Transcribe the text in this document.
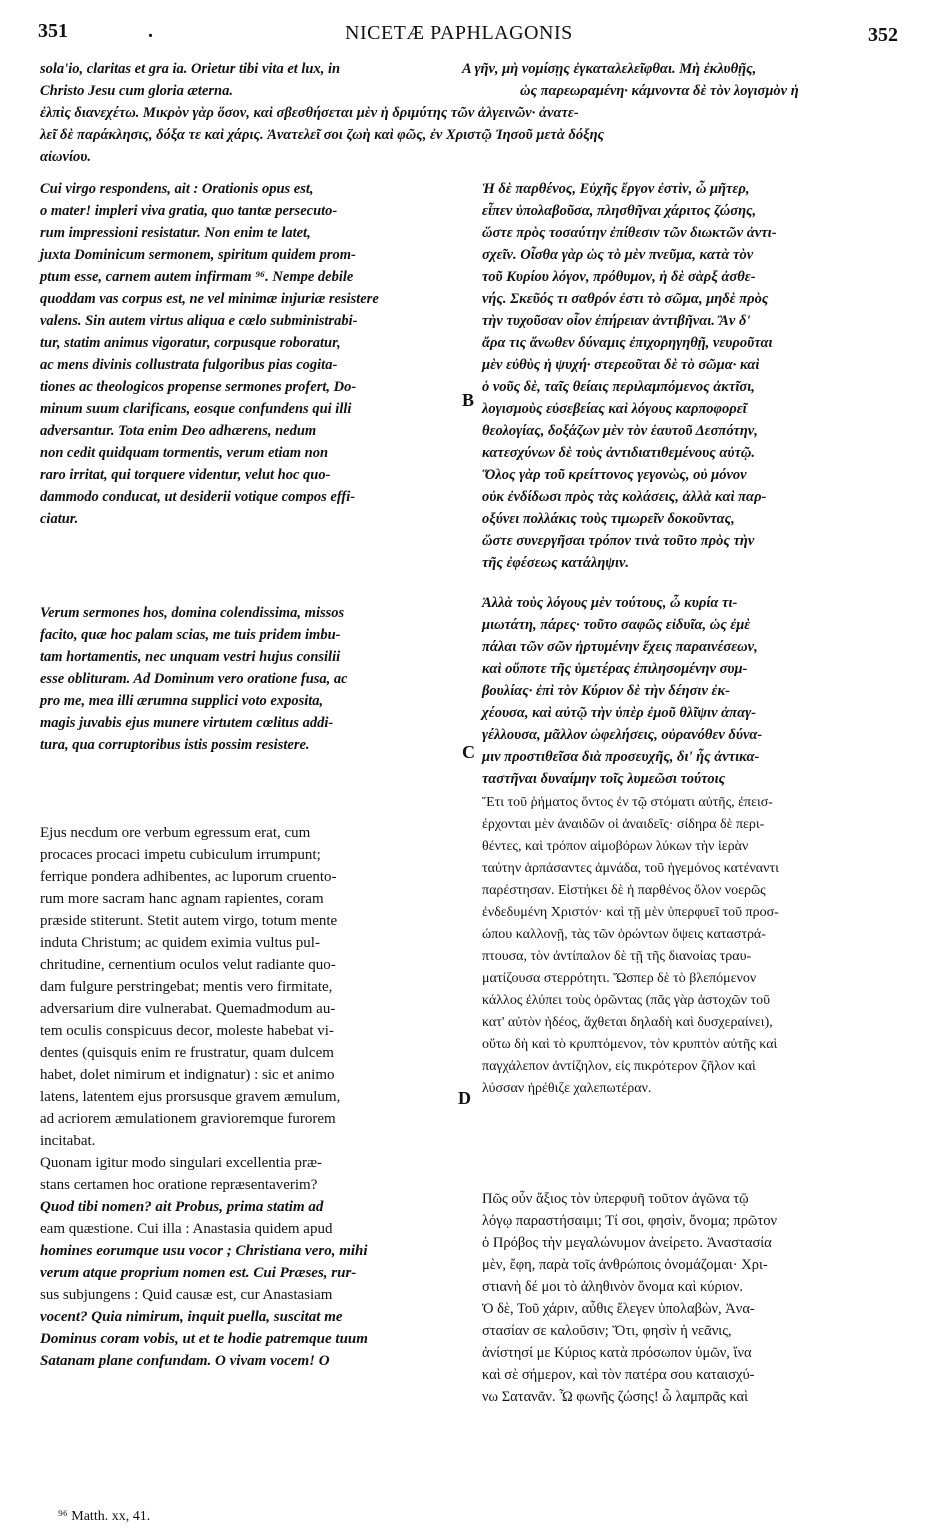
351	.	NICETÆ PAPHLAGONIS	352

sola'io, claritas et gra ia. Orietur tibi vita et lux, in

Christo Jesu cum gloria æterna.

A γῆν, μὴ νομίσῃς ἐγκαταλελεῖφθαι. Μὴ ἐκλυθῇς,

ὡς παρεωραμένη· κάμνοντα δὲ τὸν λογισμὸν ἡ

ἐλπὶς διανεχέτω. Μικρὸν γὰρ ὅσον, καὶ σβεσθήσεται μὲν ἡ δριμύτης τῶν ἀλγεινῶν· ἀνατε-

λεῖ δὲ παράκλησις, δόξα τε καὶ χάρις. Ἀνατελεῖ σοι ζωὴ καὶ φῶς, ἐν Χριστῷ Ἰησοῦ μετὰ δόξης

αἰωνίου.

Cui virgo respondens, ait : Orationis opus est,

o mater! impleri viva gratia, quo tantæ persecuto-

rum impressioni resistatur. Non enim te latet,

juxta Dominicum sermonem, spiritum quidem prom-

ptum esse, carnem autem infirmam ⁹⁶. Nempe debile

quoddam vas corpus est, ne vel minimæ injuriæ resistere

valens. Sin autem virtus aliqua e cœlo subministrabi-

tur, statim animus vigoratur, corpusque roboratur,

ac mens divinis collustrata fulgoribus pias cogita-

tiones ac theologicos propense sermones profert, Do-

minum suum clarificans, eosque confundens qui illi

adversantur. Tota enim Deo adhærens, nedum

non cedit quidquam tormentis, verum etiam non

raro irritat, qui torquere videntur, velut hoc quo-

dammodo conducat, ut desiderii votique compos effi-

ciatur.

Verum sermones hos, domina colendissima, missos

facito, quæ hoc palam scias, me tuis pridem imbu-

tam hortamentis, nec unquam vestri hujus consilii

esse oblituram. Ad Dominum vero oratione fusa, ac

pro me, mea illi ærumna supplici voto exposita,

magis juvabis ejus munere virtutem cœlitus addi-

tura, qua corruptoribus istis possim resistere.

Ejus necdum ore verbum egressum erat, cum

procaces procaci impetu cubiculum irrumpunt;

ferrique pondera adhibentes, ac luporum cruento-

rum more sacram hanc agnam rapientes, coram

præside stiterunt. Stetit autem virgo, totum mente

induta Christum; ac quidem eximia vultus pul-

chritudine, cernentium oculos velut radiante quo-

dam fulgure perstringebat; mentis vero firmitate,

adversarium dire vulnerabat. Quemadmodum au-

tem oculis conspicuus decor, moleste habebat vi-

dentes (quisquis enim re frustratur, quam dulcem

habet, dolet nimirum et indignatur) : sic et animo

latens, latentem ejus prorsusque gravem æmulum,

ad acriorem æmulationem gravioremque furorem

incitabat.

Quonam igitur modo singulari excellentia præ-

stans certamen hoc oratione repræsentaverim?

Quod tibi nomen? ait Probus, prima statim ad

eam quæstione. Cui illa : Anastasia quidem apud

homines eorumque usu vocor ; Christiana vero, mihi

verum atque proprium nomen est. Cui Præses, rur-

sus subjungens : Quid causæ est, cur Anastasiam

vocent? Quia nimirum, inquit puella, suscitat me

Dominus coram vobis, ut et te hodie patremque tuum

Satanam plane confundam. O vivam vocem! O

Ἡ δὲ παρθένος, Εὐχῆς ἔργον ἐστὶν, ὦ μῆτερ,

εἶπεν ὑπολαβοῦσα, πλησθῆναι χάριτος ζώσης,

ὥστε πρὸς τοσαύτην ἐπίθεσιν τῶν διωκτῶν ἀντι-

σχεῖν. Οἶσθα γὰρ ὡς τὸ μὲν πνεῦμα, κατὰ τὸν

τοῦ Κυρίου λόγον, πρόθυμον, ἡ δὲ σὰρξ ἀσθε-

νής. Σκεῦός τι σαθρόν ἐστι τὸ σῶμα, μηδὲ πρὸς

τὴν τυχοῦσαν οἷον ἐπήρειαν ἀντιβῆναι. Ἂν δ'

ἄρα τις ἄνωθεν δύναμις ἐπιχορηγηθῇ, νευροῦται

μὲν εὐθὺς ἡ ψυχή· στερεοῦται δὲ τὸ σῶμα· καὶ

ὁ νοῦς δὲ, ταῖς θείαις περιλαμπόμενος ἀκτῖσι,

λογισμοὺς εὐσεβείας καὶ λόγους καρποφορεῖ

θεολογίας, δοξάζων μὲν τὸν ἑαυτοῦ Δεσπότην,

κατεσχύνων δὲ τοὺς ἀντιδιατιθεμένους αὐτῷ.

Ὅλος γὰρ τοῦ κρείττονος γεγονὼς, οὐ μόνον

οὐκ ἐνδίδωσι πρὸς τὰς κολάσεις, ἀλλὰ καὶ παρ-

οξύνει πολλάκις τοὺς τιμωρεῖν δοκοῦντας,

ὥστε συνεργῆσαι τρόπον τινὰ τοῦτο πρὸς τὴν

τῆς ἐφέσεως κατάληψιν.

Ἀλλὰ τοὺς λόγους μὲν τούτους, ὦ κυρία τι-

μιωτάτη, πάρες· τοῦτο σαφῶς εἰδυῖα, ὡς ἐμὲ

πάλαι τῶν σῶν ἠρτυμένην ἔχεις παραινέσεων,

καὶ οὔποτε τῆς ὑμετέρας ἐπιλησομένην συμ-

βουλίας· ἐπὶ τὸν Κύριον δὲ τὴν δέησιν ἐκ-

χέουσα, καὶ αὐτῷ τὴν ὑπὲρ ἐμοῦ θλῖψιν ἀπαγ-

γέλλουσα, μᾶλλον ὠφελήσεις, οὐρανόθεν δύνα-

μιν προστιθεῖσα διὰ προσευχῆς, δι' ἧς ἀντικα-

ταστῆναι δυναίμην τοῖς λυμεῶσι τούτοις

Ἔτι τοῦ ῥήματος ὄντος ἐν τῷ στόματι αὐτῆς, ἐπεισ-

έρχονται μὲν ἀναιδῶν οἱ ἀναιδεῖς· σίδηρα δὲ περι-

θέντες, καὶ τρόπον αἱμοβόρων λύκων τὴν ἱερὰν

ταύτην ἁρπάσαντες ἀμνάδα, τοῦ ἡγεμόνος κατέναντι

παρέστησαν. Εἱστήκει δὲ ἡ παρθένος ὅλον νοερῶς

ἐνδεδυμένη Χριστόν· καὶ τῇ μὲν ὑπερφυεῖ τοῦ προσ-

ώπου καλλονῇ, τὰς τῶν ὁρώντων ὄψεις καταστρά-

πτουσα, τὸν ἀντίπαλον δὲ τῇ τῆς διανοίας τραυ-

ματίζουσα στερρότητι. Ὥσπερ δὲ τὸ βλεπόμενον

κάλλος ἐλύπει τοὺς ὁρῶντας (πᾶς γὰρ ἀστοχῶν τοῦ

κατ' αὐτὸν ἡδέος, ἄχθεται δηλαδὴ καὶ δυσχεραίνει),

οὕτω δὴ καὶ τὸ κρυπτόμενον, τὸν κρυπτὸν αὐτῆς καὶ

παγχάλεπον ἀντίζηλον, εἰς πικρότερον ζῆλον καὶ

λύσσαν ἠρέθιζε χαλεπωτέραν.

Πῶς οὖν ἄξιος τὸν ὑπερφυῆ τοῦτον ἀγῶνα τῷ

λόγῳ παραστήσαιμι; Τί σοι, φησὶν, ὄνομα; πρῶτον

ὁ Πρόβος τὴν μεγαλώνυμον ἀνείρετο. Ἀναστασία

μὲν, ἔφη, παρὰ τοῖς ἀνθρώποις ὀνομάζομαι· Χρι-

στιανὴ δέ μοι τὸ ἀληθινὸν ὄνομα καὶ κύριον.

Ὁ δὲ, Τοῦ χάριν, αὖθις ἔλεγεν ὑπολαβὼν, Ἀνα-

στασίαν σε καλοῦσιν; Ὅτι, φησὶν ἡ νεᾶνις,

ἀνίστησί με Κύριος κατὰ πρόσωπον ὑμῶν, ἵνα

καὶ σὲ σήμερον, καὶ τὸν πατέρα σου καταισχύ-

νω Σατανᾶν. Ὦ φωνῆς ζώσης! ὦ λαμπρᾶς καὶ

B
C
D
⁹⁶ Matth. xx, 41.
